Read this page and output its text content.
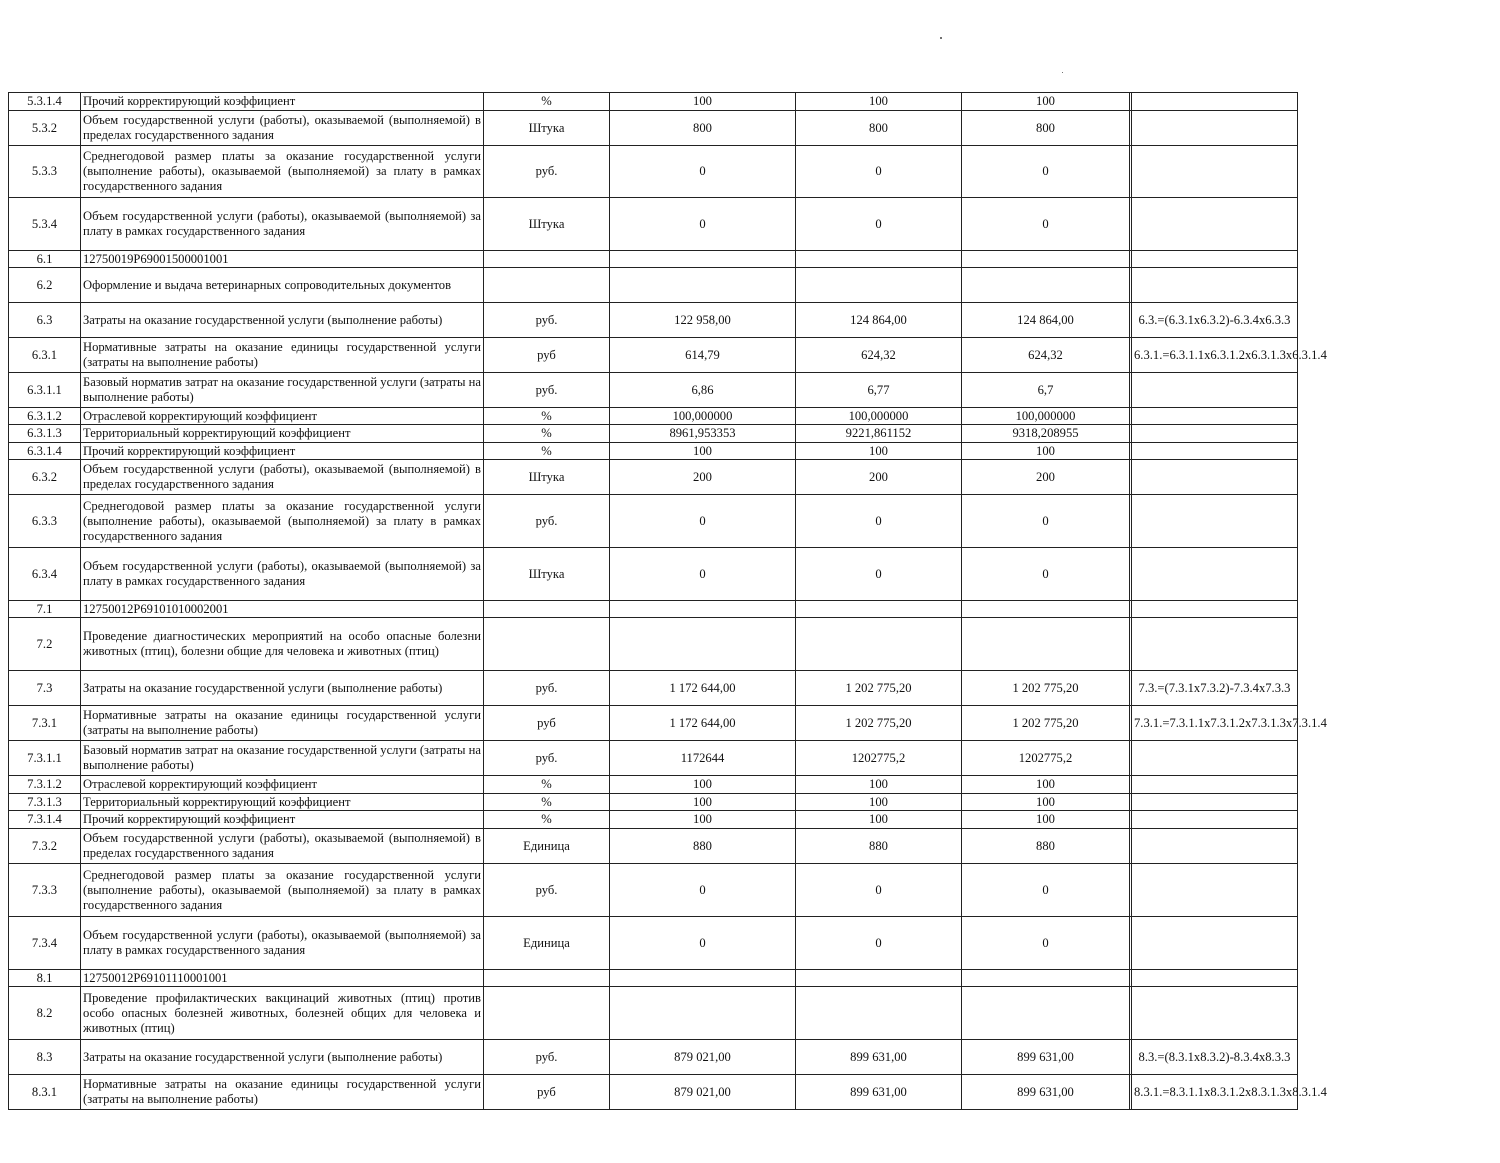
5.3.1.4	Прочий корректирующий коэффициент	%	100	100	100		
5.3.2	Объем государственной услуги (работы), оказываемой (выполняемой) в пределах государственного задания	Штука	800	800	800		
5.3.3	Среднегодовой размер платы за оказание государственной услуги (выполнение работы), оказываемой (выполняемой) за плату в рамках государственного задания	руб.	0	0	0		
5.3.4	Объем государственной услуги (работы), оказываемой (выполняемой) за плату в рамках государственного задания	Штука	0	0	0		
6.1	12750019Р69001500001001						
6.2	Оформление и выдача ветеринарных сопроводительных документов						
6.3	Затраты на оказание государственной услуги (выполнение работы)	руб.	122 958,00	124 864,00	124 864,00		6.3.=(6.3.1х6.3.2)-6.3.4х6.3.3
6.3.1	Нормативные затраты на оказание единицы государственной услуги (затраты на выполнение работы)	руб	614,79	624,32	624,32		6.3.1.=6.3.1.1х6.3.1.2х6.3.1.3х6.3.1.4
6.3.1.1	Базовый норматив затрат на оказание государственной услуги (затраты на выполнение работы)	руб.	6,86	6,77	6,7		
6.3.1.2	Отраслевой корректирующий коэффициент	%	100,000000	100,000000	100,000000		
6.3.1.3	Территориальный корректирующий коэффициент	%	8961,953353	9221,861152	9318,208955		
6.3.1.4	Прочий корректирующий коэффициент	%	100	100	100		
6.3.2	Объем государственной услуги (работы), оказываемой (выполняемой) в пределах государственного задания	Штука	200	200	200		
6.3.3	Среднегодовой размер платы за оказание государственной услуги (выполнение работы), оказываемой (выполняемой) за плату в рамках государственного задания	руб.	0	0	0		
6.3.4	Объем государственной услуги (работы), оказываемой (выполняемой) за плату в рамках государственного задания	Штука	0	0	0		
7.1	12750012Р69101010002001						
7.2	Проведение диагностических мероприятий на особо опасные болезни животных (птиц), болезни общие для человека и животных (птиц)						
7.3	Затраты на оказание государственной услуги (выполнение работы)	руб.	1 172 644,00	1 202 775,20	1 202 775,20		7.3.=(7.3.1х7.3.2)-7.3.4х7.3.3
7.3.1	Нормативные затраты на оказание единицы государственной услуги (затраты на выполнение работы)	руб	1 172 644,00	1 202 775,20	1 202 775,20		7.3.1.=7.3.1.1х7.3.1.2х7.3.1.3х7.3.1.4
7.3.1.1	Базовый норматив затрат на оказание государственной услуги (затраты на выполнение работы)	руб.	1172644	1202775,2	1202775,2		
7.3.1.2	Отраслевой корректирующий коэффициент	%	100	100	100		
7.3.1.3	Территориальный корректирующий коэффициент	%	100	100	100		
7.3.1.4	Прочий корректирующий коэффициент	%	100	100	100		
7.3.2	Объем государственной услуги (работы), оказываемой (выполняемой) в пределах государственного задания	Единица	880	880	880		
7.3.3	Среднегодовой размер платы за оказание государственной услуги (выполнение работы), оказываемой (выполняемой) за плату в рамках государственного задания	руб.	0	0	0		
7.3.4	Объем государственной услуги (работы), оказываемой (выполняемой) за плату в рамках государственного задания	Единица	0	0	0		
8.1	12750012Р69101110001001						
8.2	Проведение профилактических вакцинаций животных (птиц) против особо опасных болезней животных, болезней общих для человека и животных (птиц)						
8.3	Затраты на оказание государственной услуги (выполнение работы)	руб.	879 021,00	899 631,00	899 631,00		8.3.=(8.3.1х8.3.2)-8.3.4х8.3.3
8.3.1	Нормативные затраты на оказание единицы государственной услуги (затраты на выполнение работы)	руб	879 021,00	899 631,00	899 631,00		8.3.1.=8.3.1.1х8.3.1.2х8.3.1.3х8.3.1.4
